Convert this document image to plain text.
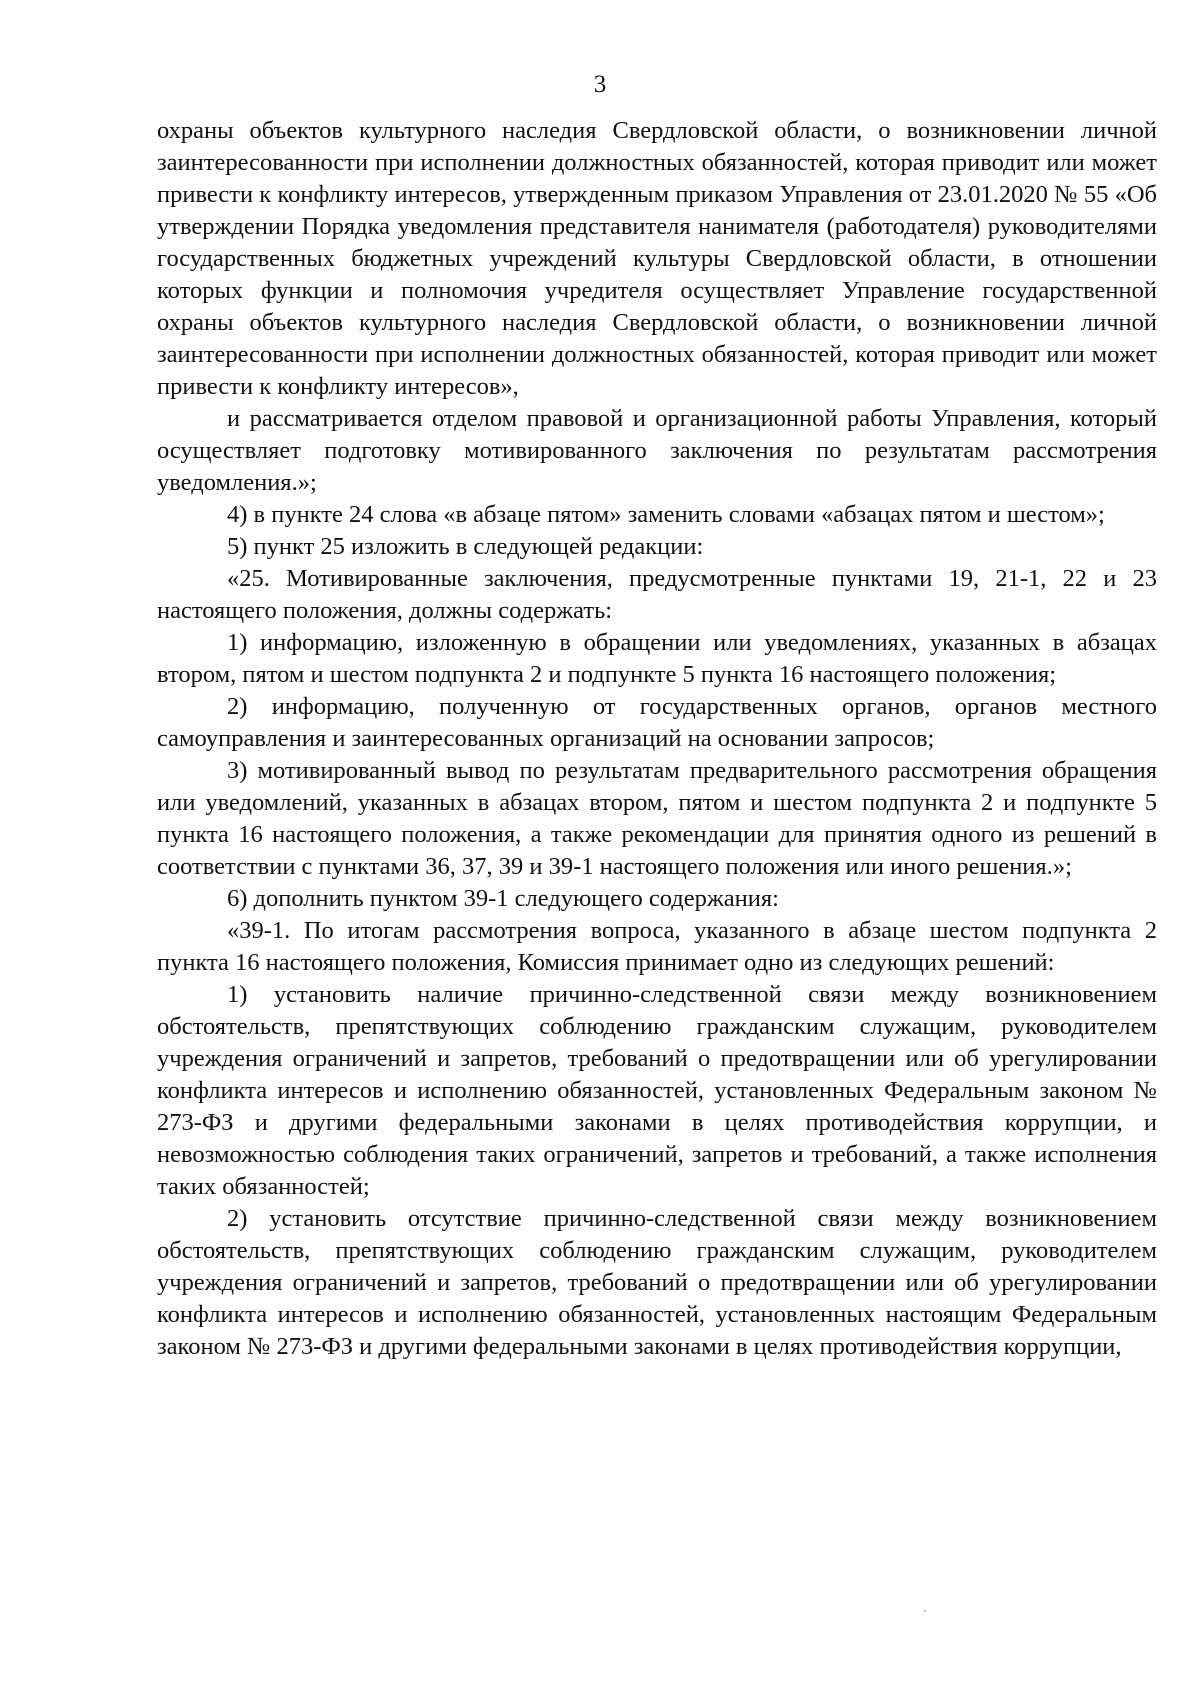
3

охраны объектов культурного наследия Свердловской области, о возникновении личной заинтересованности при исполнении должностных обязанностей, которая приводит или может привести к конфликту интересов, утвержденным приказом Управления от 23.01.2020 № 55 «Об утверждении Порядка уведомления представителя нанимателя (работодателя) руководителями государственных бюджетных учреждений культуры Свердловской области, в отношении которых функции и полномочия учредителя осуществляет Управление государственной охраны объектов культурного наследия Свердловской области, о возникновении личной заинтересованности при исполнении должностных обязанностей, которая приводит или может привести к конфликту интересов»,

и рассматривается отделом правовой и организационной работы Управления, который осуществляет подготовку мотивированного заключения по результатам рассмотрения уведомления.»;

4) в пункте 24 слова «в абзаце пятом» заменить словами «абзацах пятом и шестом»;

5) пункт 25 изложить в следующей редакции:

«25. Мотивированные заключения, предусмотренные пунктами 19, 21-1, 22 и 23 настоящего положения, должны содержать:

1) информацию, изложенную в обращении или уведомлениях, указанных в абзацах втором, пятом и шестом подпункта 2 и подпункте 5 пункта 16 настоящего положения;

2) информацию, полученную от государственных органов, органов местного самоуправления и заинтересованных организаций на основании запросов;

3) мотивированный вывод по результатам предварительного рассмотрения обращения или уведомлений, указанных в абзацах втором, пятом и шестом подпункта 2 и подпункте 5 пункта 16 настоящего положения, а также рекомендации для принятия одного из решений в соответствии с пунктами 36, 37, 39 и 39-1 настоящего положения или иного решения.»;

6) дополнить пунктом 39-1 следующего содержания:

«39-1. По итогам рассмотрения вопроса, указанного в абзаце шестом подпункта 2 пункта 16 настоящего положения, Комиссия принимает одно из следующих решений:

1) установить наличие причинно-следственной связи между возникновением обстоятельств, препятствующих соблюдению гражданским служащим, руководителем учреждения ограничений и запретов, требований о предотвращении или об урегулировании конфликта интересов и исполнению обязанностей, установленных Федеральным законом № 273-ФЗ и другими федеральными законами в целях противодействия коррупции, и невозможностью соблюдения таких ограничений, запретов и требований, а также исполнения таких обязанностей;

2) установить отсутствие причинно-следственной связи между возникновением обстоятельств, препятствующих соблюдению гражданским служащим, руководителем учреждения ограничений и запретов, требований о предотвращении или об урегулировании конфликта интересов и исполнению обязанностей, установленных настоящим Федеральным законом № 273-ФЗ и другими федеральными законами в целях противодействия коррупции,
